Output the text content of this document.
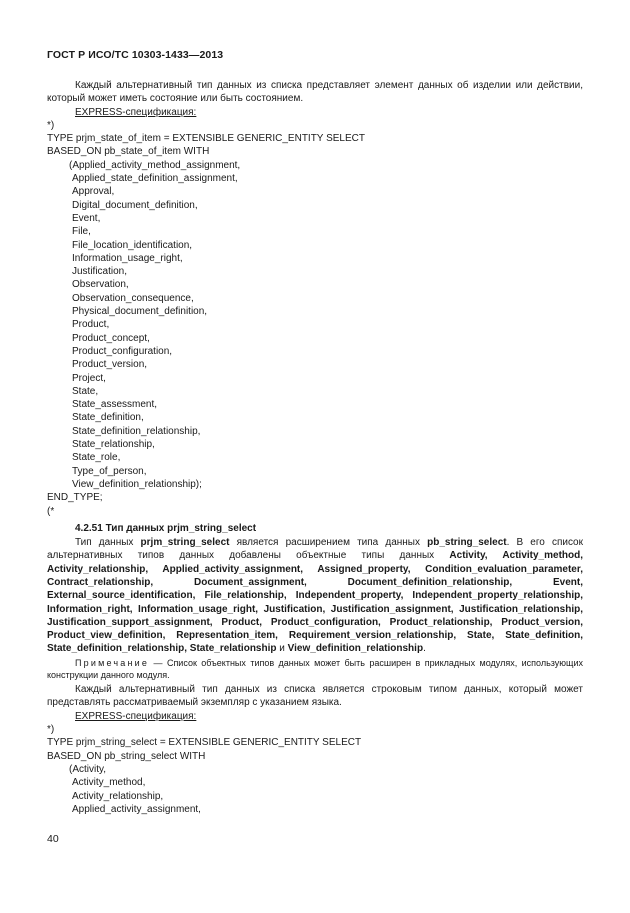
ГОСТ Р ИСО/ТС 10303-1433—2013

Каждый альтернативный тип данных из списка представляет элемент данных об изделии или действии, который может иметь состояние или быть состоянием.

EXPRESS-спецификация:
*)
TYPE prjm_state_of_item = EXTENSIBLE GENERIC_ENTITY SELECT
BASED_ON pb_state_of_item WITH
(Applied_activity_method_assignment,
Applied_state_definition_assignment,
Approval,
Digital_document_definition,
Event,
File,
File_location_identification,
Information_usage_right,
Justification,
Observation,
Observation_consequence,
Physical_document_definition,
Product,
Product_concept,
Product_configuration,
Product_version,
Project,
State,
State_assessment,
State_definition,
State_definition_relationship,
State_relationship,
State_role,
Type_of_person,
View_definition_relationship);
END_TYPE;
(*
4.2.51 Тип данных prjm_string_select

Тип данных prjm_string_select является расширением типа данных pb_string_select. В его список альтернативных типов данных добавлены объектные типы данных Activity, Activity_method, Activity_relationship, Applied_activity_assignment, Assigned_property, Condition_evaluation_parameter, Contract_relationship, Document_assignment, Document_definition_relationship, Event, External_source_identification, File_relationship, Independent_property, Independent_property_relationship, Information_right, Information_usage_right, Justification, Justification_assignment, Justification_relationship, Justification_support_assignment, Product, Product_configuration, Product_relationship, Product_version, Product_view_definition, Representation_item, Requirement_version_relationship, State, State_definition, State_definition_relationship, State_relationship и View_definition_relationship.

Примечание — Список объектных типов данных может быть расширен в прикладных модулях, использующих конструкции данного модуля.

Каждый альтернативный тип данных из списка является строковым типом данных, который может представлять рассматриваемый экземпляр с указанием языка.

EXPRESS-спецификация:
*)
TYPE prjm_string_select = EXTENSIBLE GENERIC_ENTITY SELECT
BASED_ON pb_string_select WITH
(Activity,
Activity_method,
Activity_relationship,
Applied_activity_assignment,
40
